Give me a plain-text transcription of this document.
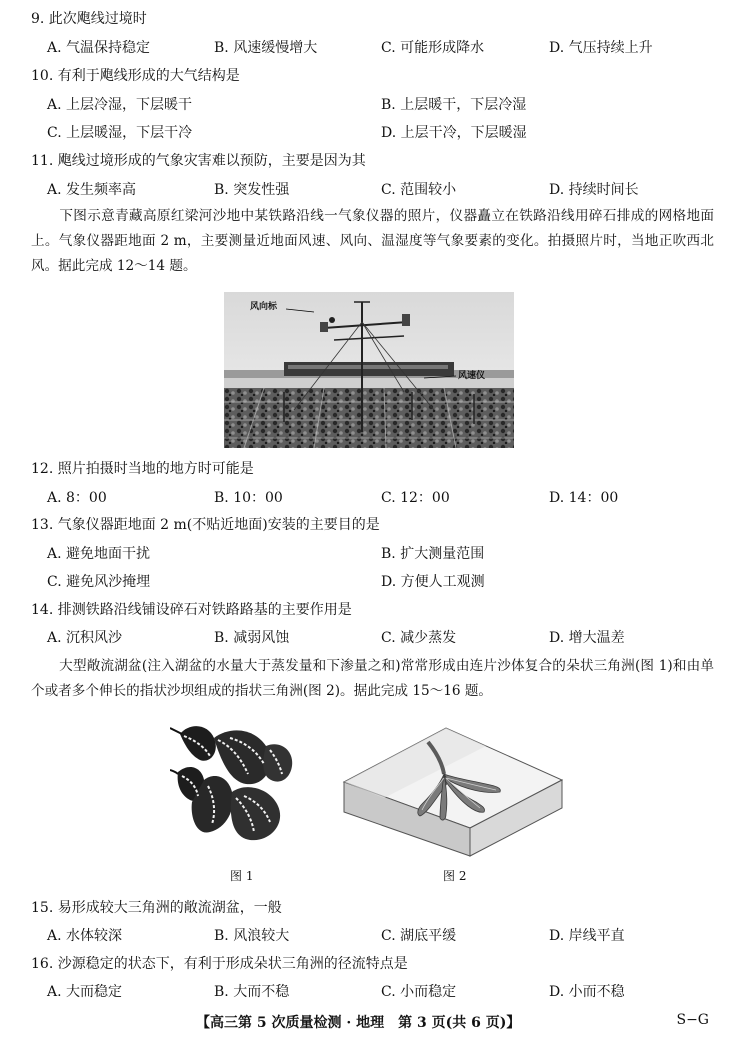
9. 此次飑线过境时
A. 气温保持稳定	B. 风速缓慢增大	C. 可能形成降水	D. 气压持续上升
10. 有利于飑线形成的大气结构是
A. 上层冷湿，下层暖干	B. 上层暖干，下层冷湿
C. 上层暖湿，下层干冷	D. 上层干冷，下层暖湿
11. 飑线过境形成的气象灾害难以预防，主要是因为其
A. 发生频率高	B. 突发性强	C. 范围较小	D. 持续时间长
下图示意青藏高原红梁河沙地中某铁路沿线一气象仪器的照片，仪器矗立在铁路沿线用碎石排成的网格地面上。气象仪器距地面 2 m，主要测量近地面风速、风向、温湿度等气象要素的变化。拍摄照片时，当地正吹西北风。据此完成 12～14 题。
风向标
风速仪
12. 照片拍摄时当地的地方时可能是
A. 8：00	B. 10：00	C. 12：00	D. 14：00
13. 气象仪器距地面 2 m(不贴近地面)安装的主要目的是
A. 避免地面干扰	B. 扩大测量范围
C. 避免风沙掩埋	D. 方便人工观测
14. 排测铁路沿线铺设碎石对铁路路基的主要作用是
A. 沉积风沙	B. 减弱风蚀	C. 减少蒸发	D. 增大温差
大型敞流湖盆(注入湖盆的水量大于蒸发量和下渗量之和)常常形成由连片沙体复合的朵状三角洲(图 1)和由单个或者多个伸长的指状沙坝组成的指状三角洲(图 2)。据此完成 15～16 题。
图 1	图 2
15. 易形成较大三角洲的敞流湖盆，一般
A. 水体较深	B. 风浪较大	C. 湖底平缓	D. 岸线平直
16. 沙源稳定的状态下，有利于形成朵状三角洲的径流特点是
A. 大而稳定	B. 大而不稳	C. 小而稳定	D. 小而不稳
【高三第 5 次质量检测 · 地理　第 3 页(共 6 页)】	S−G
